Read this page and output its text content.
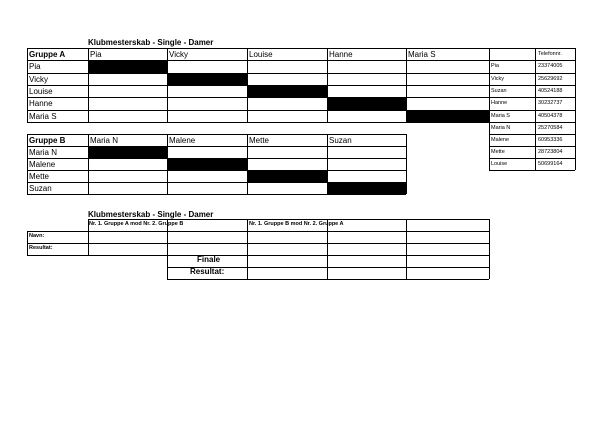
Klubmesterskab - Single - Damer
Gruppe A	Pia	Vicky	Louise	Hanne	Maria S
Pia
Vicky
Louise
Hanne
Maria S
Gruppe B	Maria N	Malene	Mette	Suzan
Maria N
Malene
Mette
Suzan
Telefonnr.
Pia	23374005
Vicky	25629692
Suzan	40524188
Hanne	30232737
Maria S	40504378
Maria N	25270584
Malene	60953336
Mette	28723804
Louise	50699164
Klubmesterskab - Single - Damer
Nr. 1. Gruppe A mod Nr. 2. Gruppe B	Nr. 1. Gruppe B mod Nr. 2. Gruppe A
Navn:
Resultat:
Finale
Resultat:
